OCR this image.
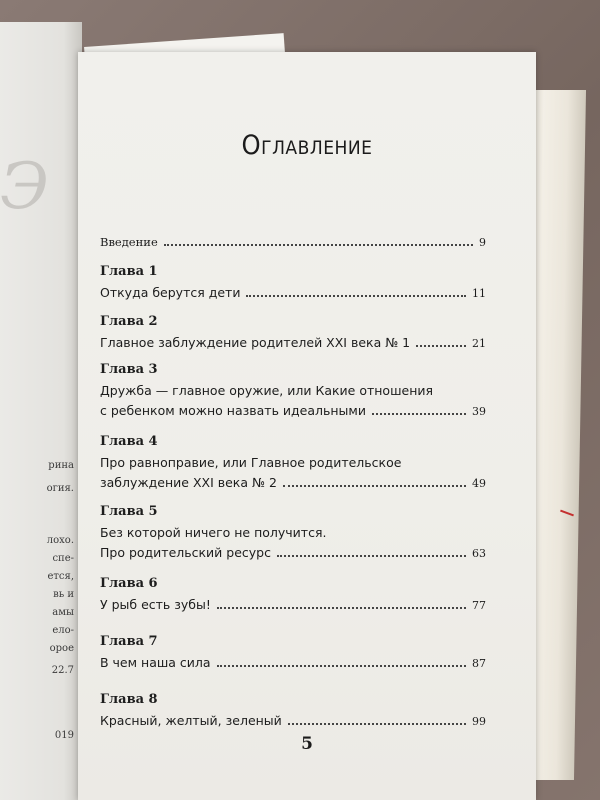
Э
рина
огия.
лохо.
спе-
ется,
вь и
амы
ело-
орое
22.7
019
Оглавление
Введение	9
Глава 1
Откуда берутся дети	11
Глава 2
Главное заблуждение родителей XXI века № 1	21
Глава 3
Дружба — главное оружие, или Какие отношения
с ребенком можно назвать идеальными	39
Глава 4
Про равноправие, или Главное родительское
заблуждение XXI века № 2	49
Глава 5
Без которой ничего не получится.
Про родительский ресурс	63
Глава 6
У рыб есть зубы!	77
Глава 7
В чем наша сила	87
Глава 8
Красный, желтый, зеленый	99
5
